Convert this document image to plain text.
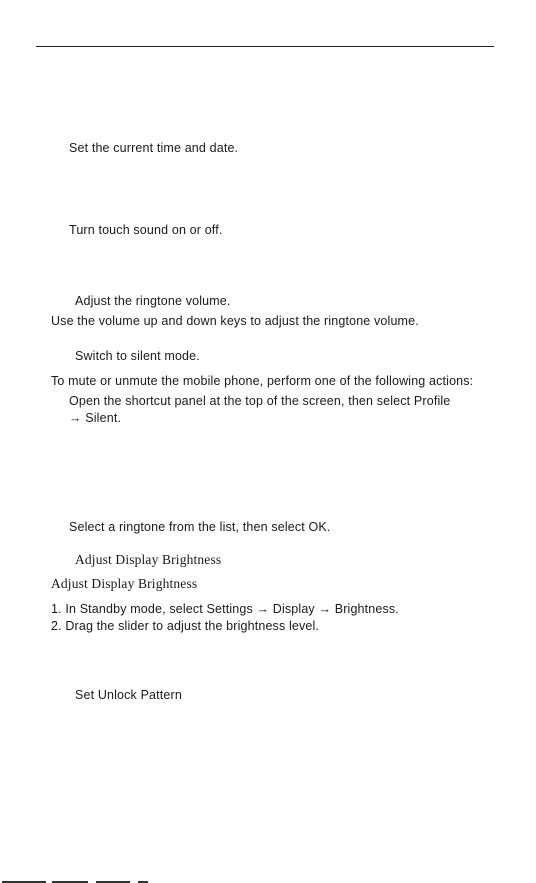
Set the current time and date.
Turn touch sound on or off.
Adjust the ringtone volume.
Use the volume up and down keys to adjust the ringtone volume.
Switch to silent mode.
To mute or unmute the mobile phone, perform one of the following actions:
Open the shortcut panel at the top of the screen, then select Profile
→ Silent.
Select a ringtone from the list, then select OK.
Adjust Display Brightness
Adjust Display Brightness
1. In Standby mode, select Settings → Display → Brightness.
2. Drag the slider to adjust the brightness level.
Set Unlock Pattern
